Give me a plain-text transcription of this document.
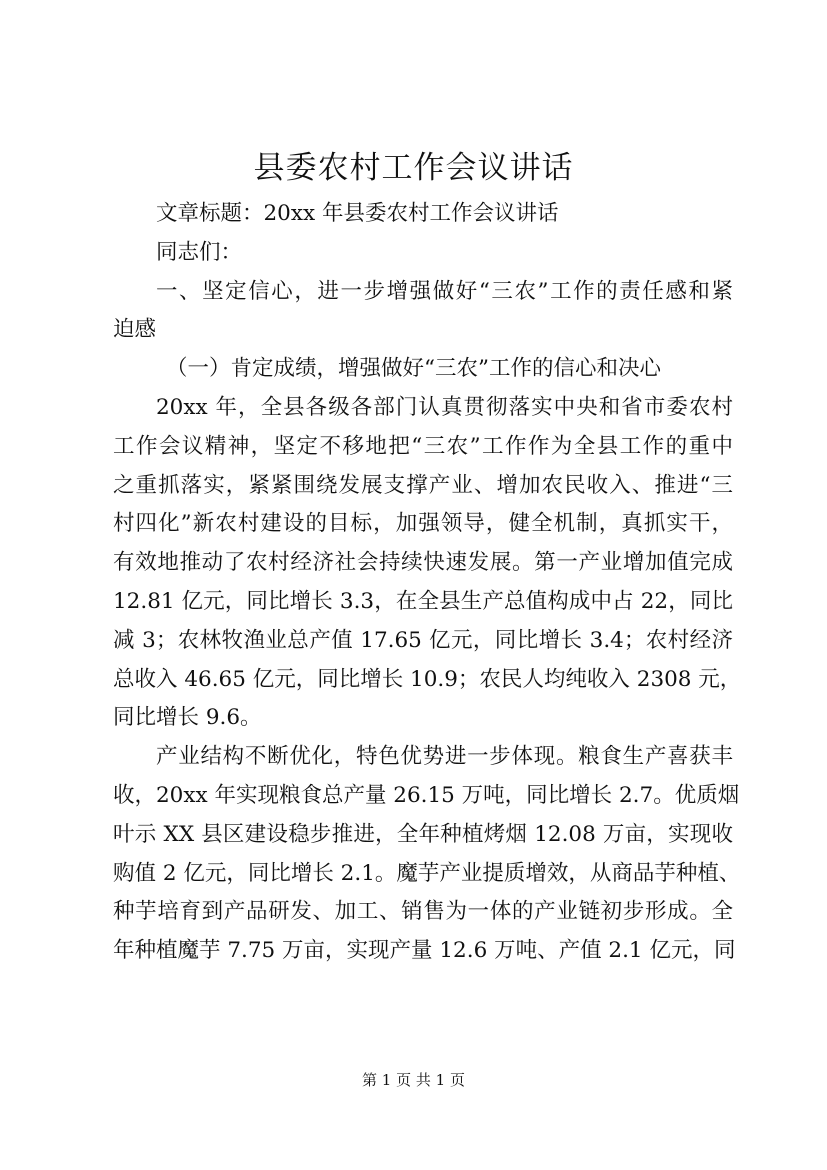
县委农村工作会议讲话
文章标题：20xx 年县委农村工作会议讲话
同志们：
一、坚定信心，进一步增强做好“三农”工作的责任感和紧
迫感
（一）肯定成绩，增强做好“三农”工作的信心和决心
20xx 年，全县各级各部门认真贯彻落实中央和省市委农村
工作会议精神，坚定不移地把“三农”工作作为全县工作的重中
之重抓落实，紧紧围绕发展支撑产业、增加农民收入、推进“三
村四化”新农村建设的目标，加强领导，健全机制，真抓实干，
有效地推动了农村经济社会持续快速发展。第一产业增加值完成
12.81 亿元，同比增长 3.3，在全县生产总值构成中占 22，同比
减 3；农林牧渔业总产值 17.65 亿元，同比增长 3.4；农村经济
总收入 46.65 亿元，同比增长 10.9；农民人均纯收入 2308 元，
同比增长 9.6。
产业结构不断优化，特色优势进一步体现。粮食生产喜获丰
收，20xx 年实现粮食总产量 26.15 万吨，同比增长 2.7。优质烟
叶示 XX 县区建设稳步推进，全年种植烤烟 12.08 万亩，实现收
购值 2 亿元，同比增长 2.1。魔芋产业提质增效，从商品芋种植、
种芋培育到产品研发、加工、销售为一体的产业链初步形成。全
年种植魔芋 7.75 万亩，实现产量 12.6 万吨、产值 2.1 亿元，同
第 1 页 共 1 页
